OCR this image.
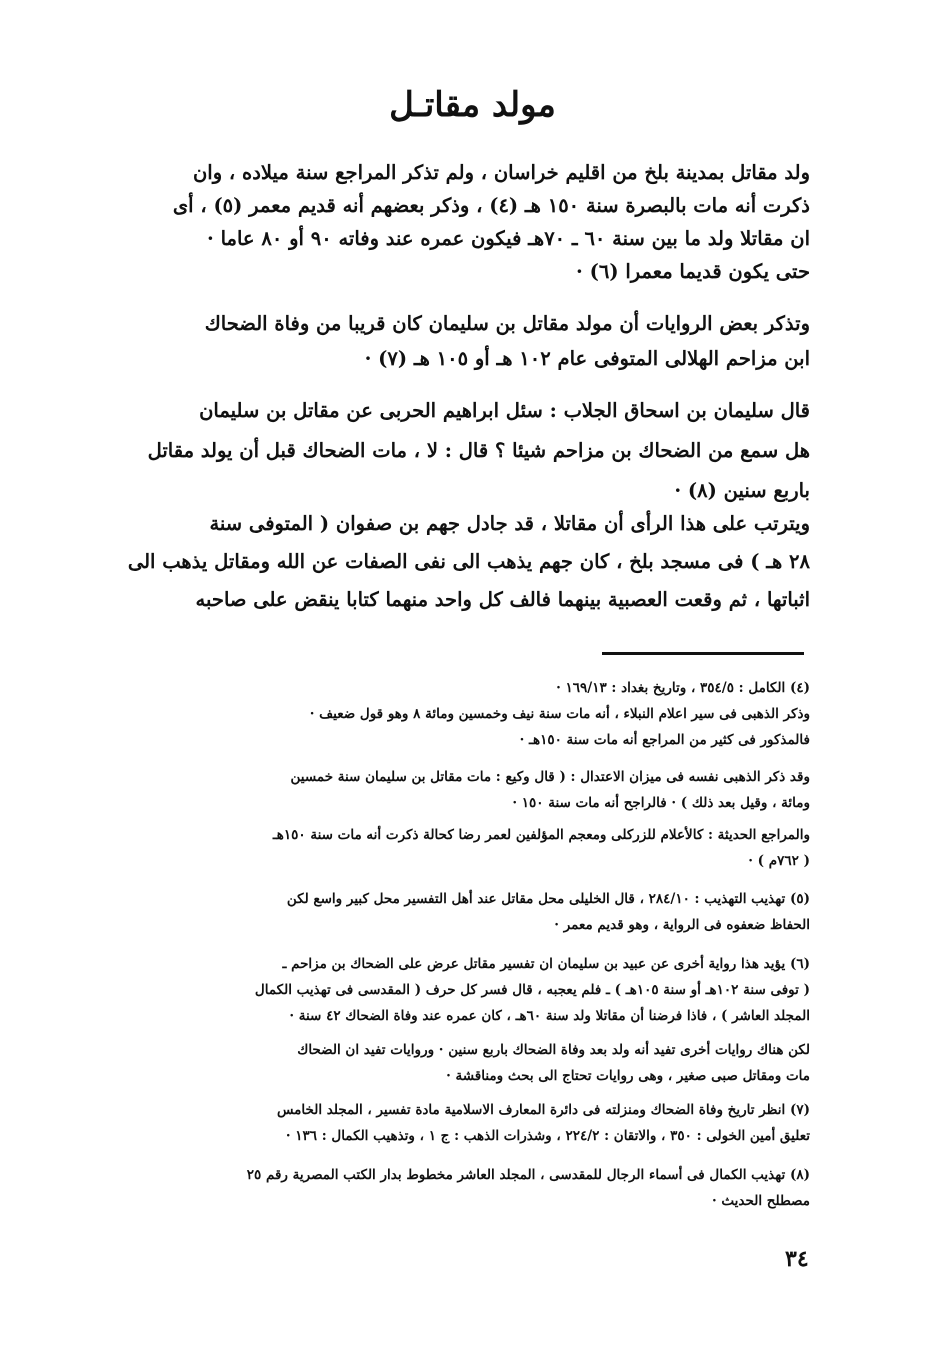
مولد مقاتـل
ولد مقاتل بمدينة بلخ من اقليم خراسان ، ولم تذكر المراجع سنة ميلاده ، وان
ذكرت أنه مات بالبصرة سنة ١٥٠ هـ (٤) ، وذكر بعضهم أنه قديم معمر (٥) ، أى
ان مقاتلا ولد ما بين سنة ٦٠ ـ ٧٠هـ فيكون عمره عند وفاته ٩٠ أو ٨٠ عاما ·
حتى يكون قديما معمرا (٦) ·
وتذكر بعض الروايات أن مولد مقاتل بن سليمان كان قريبا من وفاة الضحاك
ابن مزاحم الهلالى المتوفى عام ١٠٢ هـ أو ١٠٥ هـ (٧) ·
قال سليمان بن اسحاق الجلاب : سئل ابراهيم الحربى عن مقاتل بن سليمان
هل سمع من الضحاك بن مزاحم شيئا ؟ قال : لا ، مات الضحاك قبل أن يولد مقاتل
باربع سنين (٨) ·
ويترتب على هذا الرأى أن مقاتلا ، قد جادل جهم بن صفوان ( المتوفى سنة
٢٨ هـ ) فى مسجد بلخ ، كان جهم يذهب الى نفى الصفات عن الله ومقاتل يذهب الى
اثباتها ، ثم وقعت العصبية بينهما فالف كل واحد منهما كتابا ينقض على صاحبه
(٤) الكامل : ٣٥٤/٥ ، وتاريخ بغداد : ١٦٩/١٣ ·
وذكر الذهبى فى سير اعلام النبلاء ، أنه مات سنة نيف وخمسين ومائة ٨ وهو قول ضعيف ·
فالمذكور فى كثير من المراجع أنه مات سنة ١٥٠هـ ·
وقد ذكر الذهبى نفسه فى ميزان الاعتدال : ( قال وكيع : مات مقاتل بن سليمان سنة خمسين
ومائة ، وقيل بعد ذلك ) · فالراجح أنه مات سنة ١٥٠ ·
والمراجع الحديثة : كالأعلام للزركلى ومعجم المؤلفين لعمر رضا كحالة ذكرت أنه مات سنة ١٥٠هـ
( ٧٦٢م ) ·
(٥) تهذيب التهذيب : ٢٨٤/١٠ ، قال الخليلى محل مقاتل عند أهل التفسير محل كبير واسع لكن
الحفاظ ضعفوه فى الرواية ، وهو قديم معمر ·
(٦) يؤيد هذا رواية أخرى عن عبيد بن سليمان ان تفسير مقاتل عرض على الضحاك بن مزاحم ـ
( توفى سنة ١٠٢هـ أو سنة ١٠٥هـ ) ـ فلم يعجبه ، قال فسر كل حرف ( المقدسى فى تهذيب الكمال
المجلد العاشر ) ، فاذا فرضنا أن مقاتلا ولد سنة ٦٠هـ ، كان عمره عند وفاة الضحاك ٤٢ سنة ·
لكن هناك روايات أخرى تفيد أنه ولد بعد وفاة الضحاك باربع سنين · وروايات تفيد ان الضحاك
مات ومقاتل صبى صغير ، وهى روايات تحتاج الى بحث ومناقشة ·
(٧) انظر تاريخ وفاة الضحاك ومنزلته فى دائرة المعارف الاسلامية مادة تفسير ، المجلد الخامس
تعليق أمين الخولى : ٣٥٠ ، والاتقان : ٢٢٤/٢ ، وشذرات الذهب : ج ١ ، وتذهيب الكمال : ١٣٦ ·
(٨) تهذيب الكمال فى أسماء الرجال للمقدسى ، المجلد العاشر مخطوط بدار الكتب المصرية رقم ٢٥
مصطلح الحديث ·
٣٤
